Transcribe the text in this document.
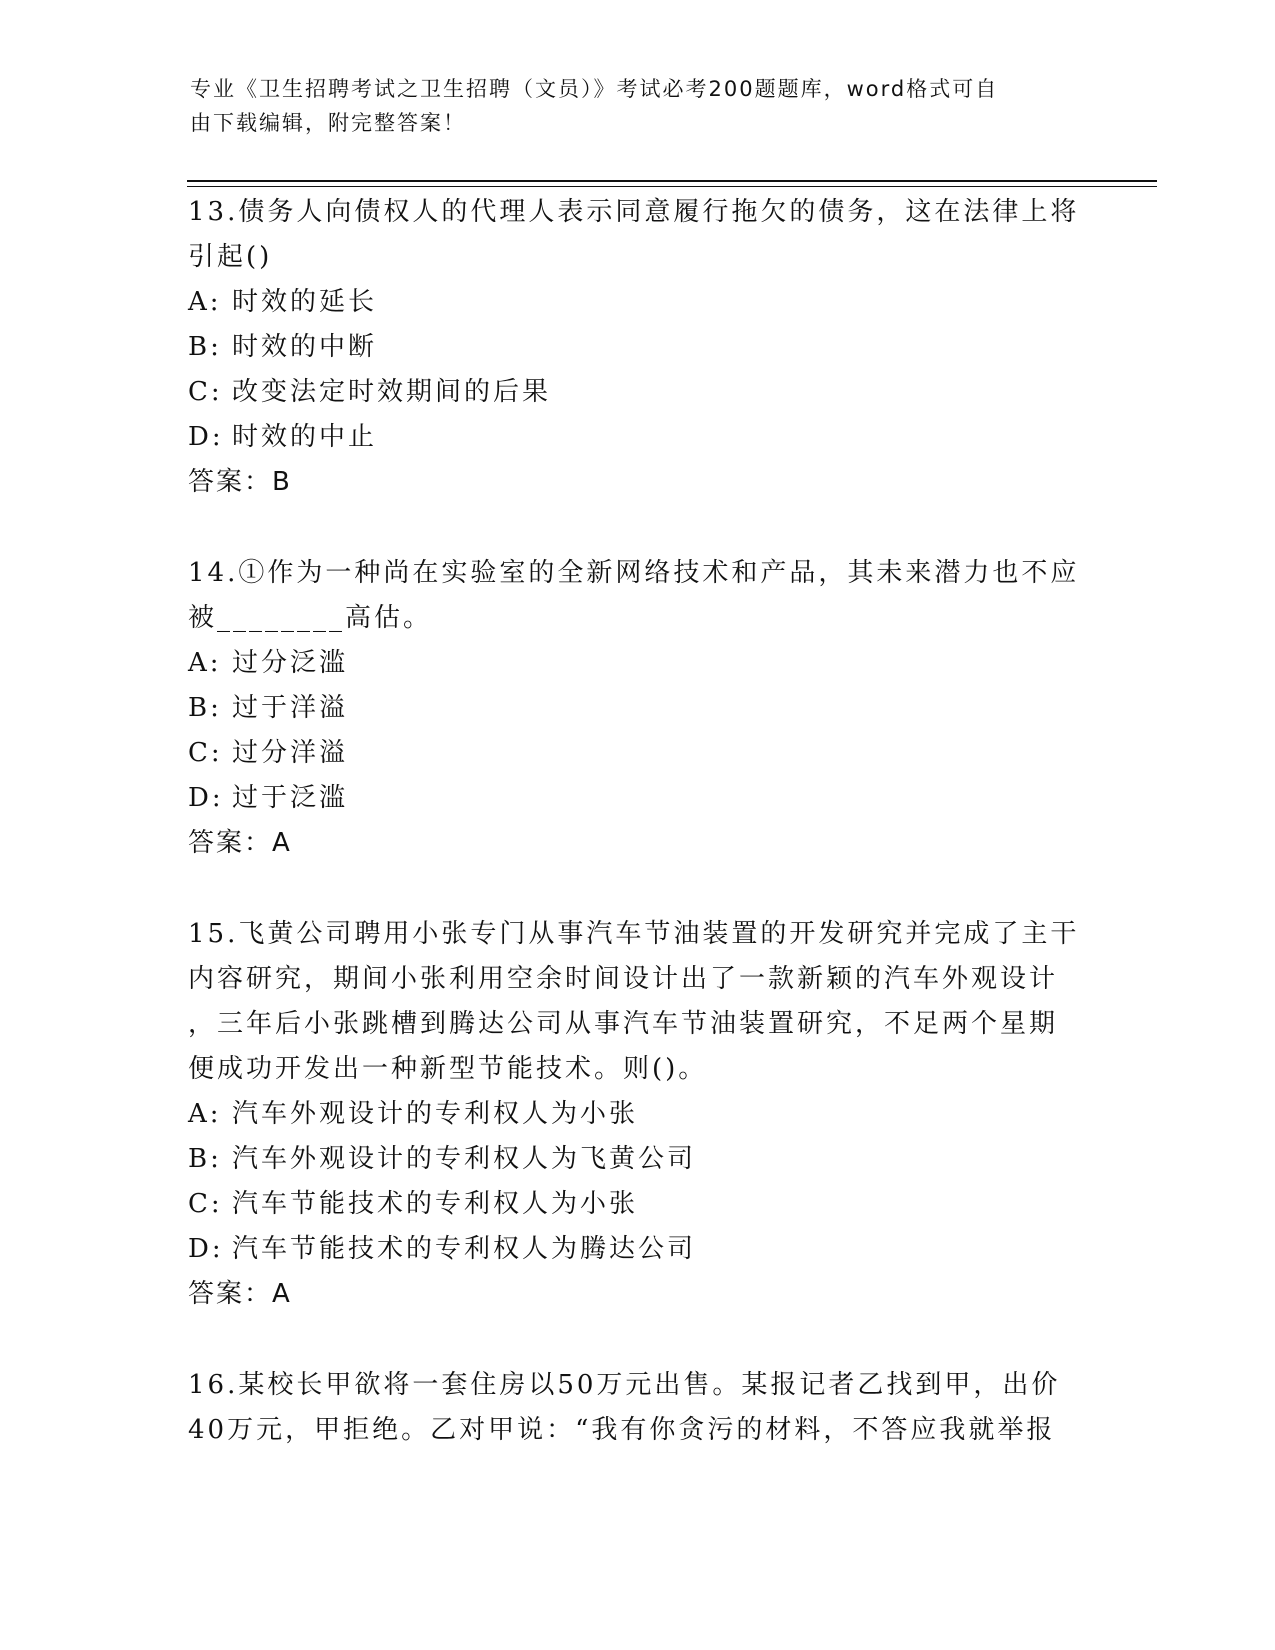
专业《卫生招聘考试之卫生招聘（文员）》考试必考200题题库，word格式可自
由下载编辑，附完整答案！
13.债务人向债权人的代理人表示同意履行拖欠的债务，这在法律上将
引起()
A: 时效的延长
B: 时效的中断
C: 改变法定时效期间的后果
D: 时效的中止
答案：B
14.①作为一种尚在实验室的全新网络技术和产品，其未来潜力也不应
被________高估。
A: 过分泛滥
B: 过于洋溢
C: 过分洋溢
D: 过于泛滥
答案：A
15.飞黄公司聘用小张专门从事汽车节油装置的开发研究并完成了主干
内容研究，期间小张利用空余时间设计出了一款新颖的汽车外观设计
，三年后小张跳槽到腾达公司从事汽车节油装置研究，不足两个星期
便成功开发出一种新型节能技术。则()。
A: 汽车外观设计的专利权人为小张
B: 汽车外观设计的专利权人为飞黄公司
C: 汽车节能技术的专利权人为小张
D: 汽车节能技术的专利权人为腾达公司
答案：A
16.某校长甲欲将一套住房以50万元出售。某报记者乙找到甲，出价
40万元，甲拒绝。乙对甲说：“我有你贪污的材料，不答应我就举报
